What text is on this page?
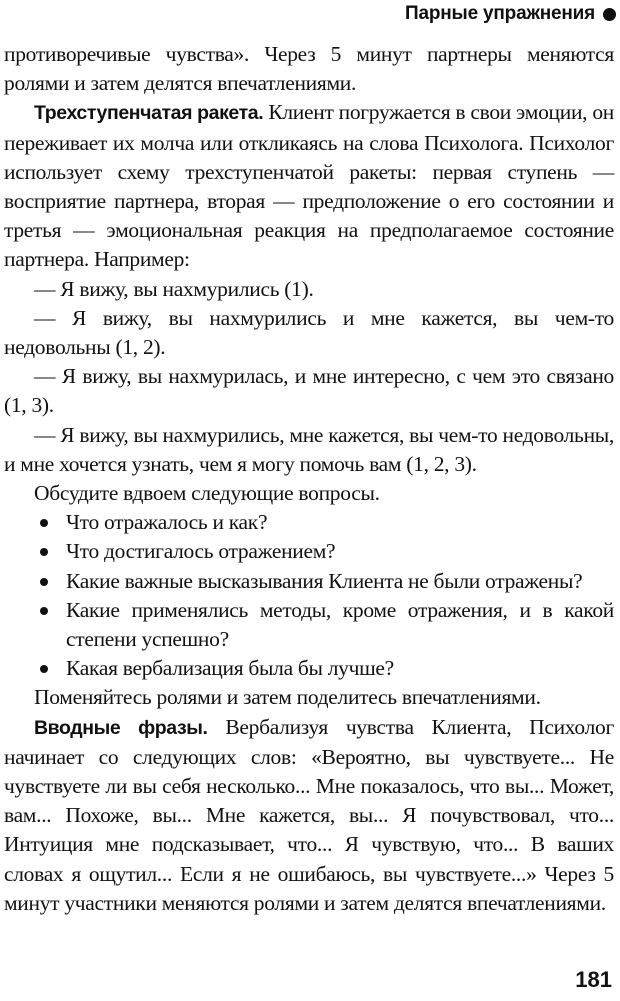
Парные упражнения

противоречивые чувства». Через 5 минут партнеры меняются ролями и затем делятся впечатлениями.

Трехступенчатая ракета. Клиент погружается в свои эмоции, он переживает их молча или откликаясь на слова Психолога. Психолог использует схему трехступенчатой ракеты: первая ступень — восприятие партнера, вторая — предположение о его состоянии и третья — эмоциональная реакция на предполагаемое состояние партнера. Например:

— Я вижу, вы нахмурились (1).

— Я вижу, вы нахмурились и мне кажется, вы чем-то недовольны (1, 2).

— Я вижу, вы нахмурилась, и мне интересно, с чем это связано (1, 3).

— Я вижу, вы нахмурились, мне кажется, вы чем-то недовольны, и мне хочется узнать, чем я могу помочь вам (1, 2, 3).

Обсудите вдвоем следующие вопросы.

Что отражалось и как?
Что достигалось отражением?
Какие важные высказывания Клиента не были отражены?
Какие применялись методы, кроме отражения, и в какой степени успешно?
Какая вербализация была бы лучше?

Поменяйтесь ролями и затем поделитесь впечатлениями.

Вводные фразы. Вербализуя чувства Клиента, Психолог начинает со следующих слов: «Вероятно, вы чувствуете... Не чувствуете ли вы себя несколько... Мне показалось, что вы... Может, вам... Похоже, вы... Мне кажется, вы... Я почувствовал, что... Интуиция мне подсказывает, что... Я чувствую, что... В ваших словах я ощутил... Если я не ошибаюсь, вы чувствуете...» Через 5 минут участники меняются ролями и затем делятся впечатлениями.

181
